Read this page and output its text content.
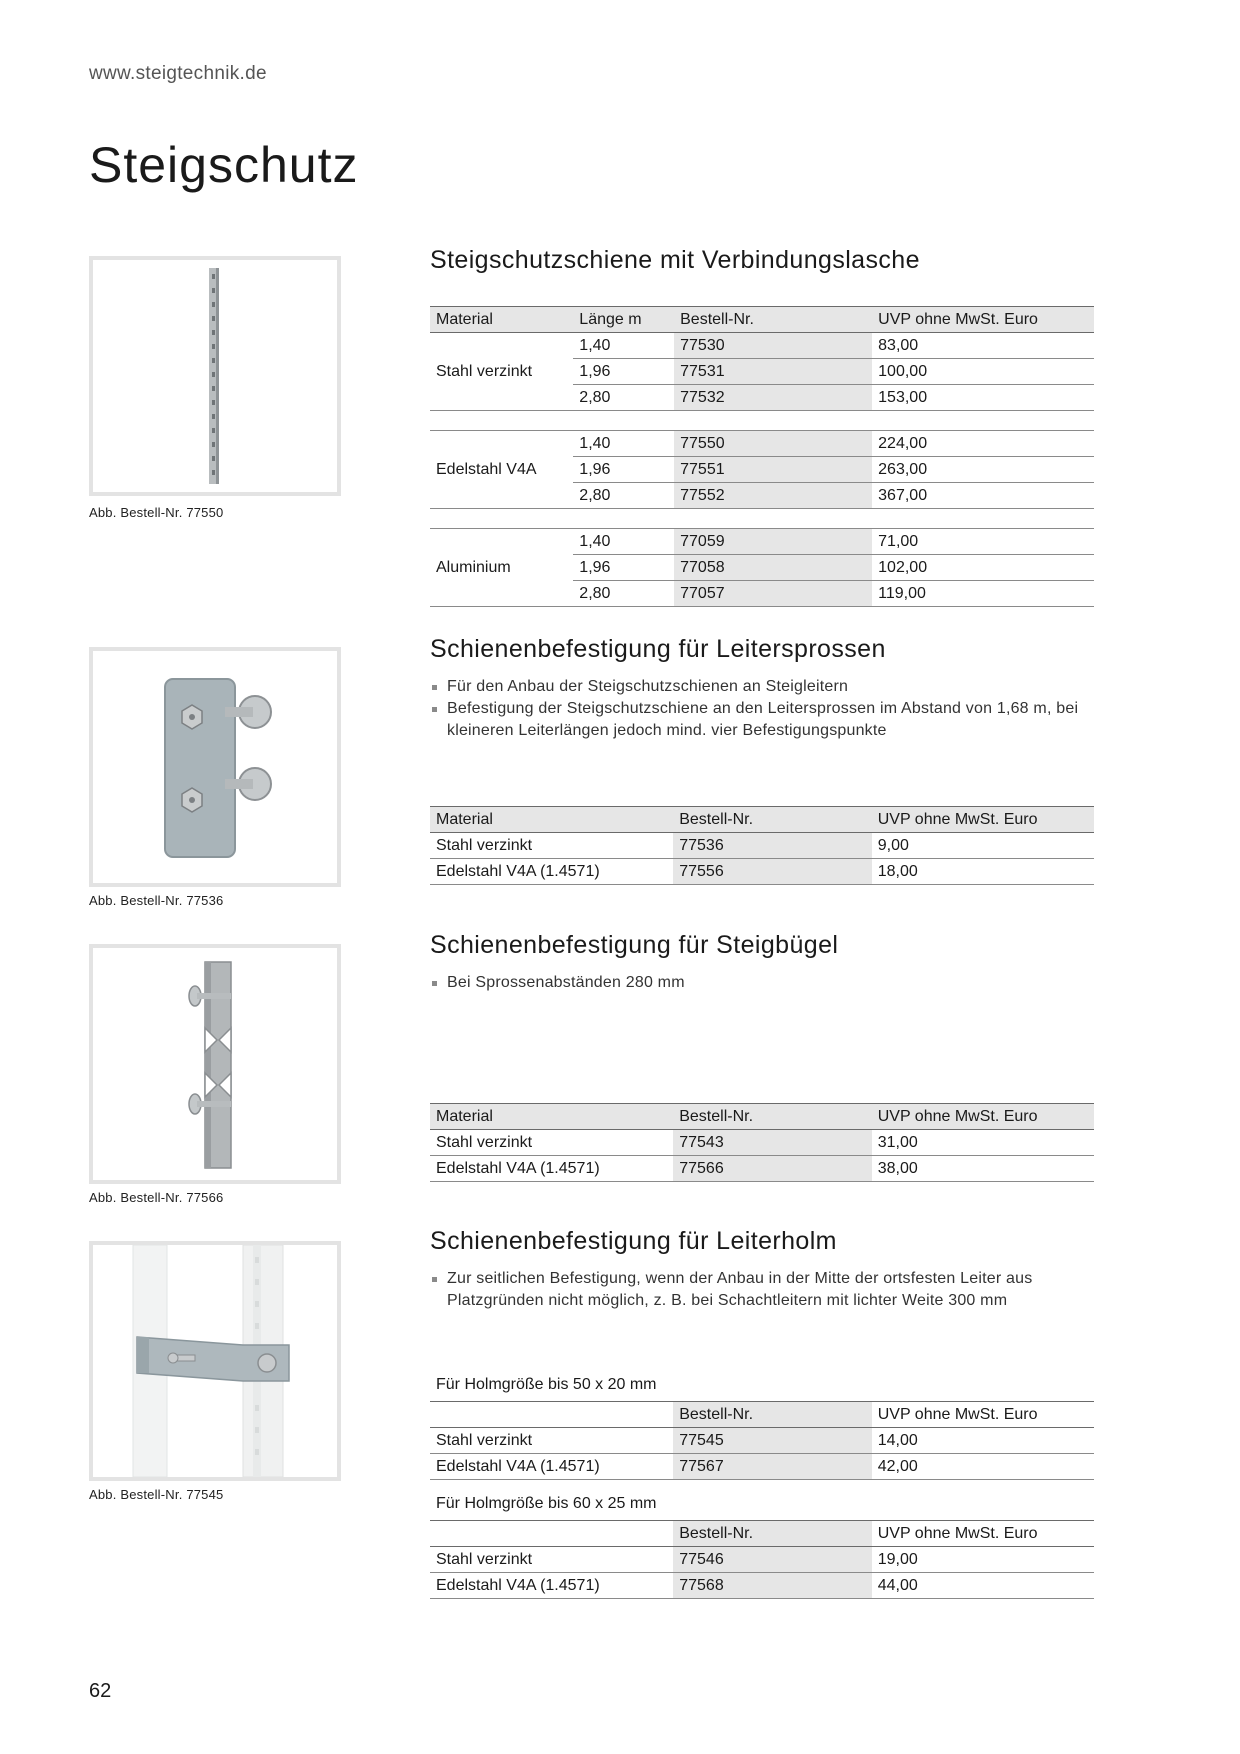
www.steigtechnik.de
Steigschutz
Abb. Bestell-Nr. 77550
Abb. Bestell-Nr. 77536
Abb. Bestell-Nr. 77566
Abb. Bestell-Nr. 77545
Steigschutzschiene mit Verbindungslasche
Material	Länge m	Bestell-Nr.	UVP ohne MwSt. Euro
Stahl verzinkt	1,40	77530	83,00
	1,96	77531	100,00
	2,80	77532	153,00

Edelstahl V4A	1,40	77550	224,00
	1,96	77551	263,00
	2,80	77552	367,00

Aluminium	1,40	77059	71,00
	1,96	77058	102,00
	2,80	77057	119,00
Schienenbefestigung für Leitersprossen
Für den Anbau der Steigschutzschienen an Steigleitern
Befestigung der Steigschutzschiene an den Leitersprossen im Abstand von 1,68 m, bei kleineren Leiterlängen jedoch mind. vier Befestigungspunkte
Material	Bestell-Nr.	UVP ohne MwSt. Euro
Stahl verzinkt	77536	9,00
Edelstahl V4A (1.4571)	77556	18,00
Schienenbefestigung für Steigbügel
Bei Sprossenabständen 280 mm
Material	Bestell-Nr.	UVP ohne MwSt. Euro
Stahl verzinkt	77543	31,00
Edelstahl V4A (1.4571)	77566	38,00
Schienenbefestigung für Leiterholm
Zur seitlichen Befestigung, wenn der Anbau in der Mitte der ortsfesten Leiter aus Platzgründen nicht möglich, z. B. bei Schachtleitern mit lichter Weite 300 mm
Für Holmgröße bis 50 x 20 mm
	Bestell-Nr.	UVP ohne MwSt. Euro
Stahl verzinkt	77545	14,00
Edelstahl V4A (1.4571)	77567	42,00
Für Holmgröße bis 60 x 25 mm
	Bestell-Nr.	UVP ohne MwSt. Euro
Stahl verzinkt	77546	19,00
Edelstahl V4A (1.4571)	77568	44,00
62
